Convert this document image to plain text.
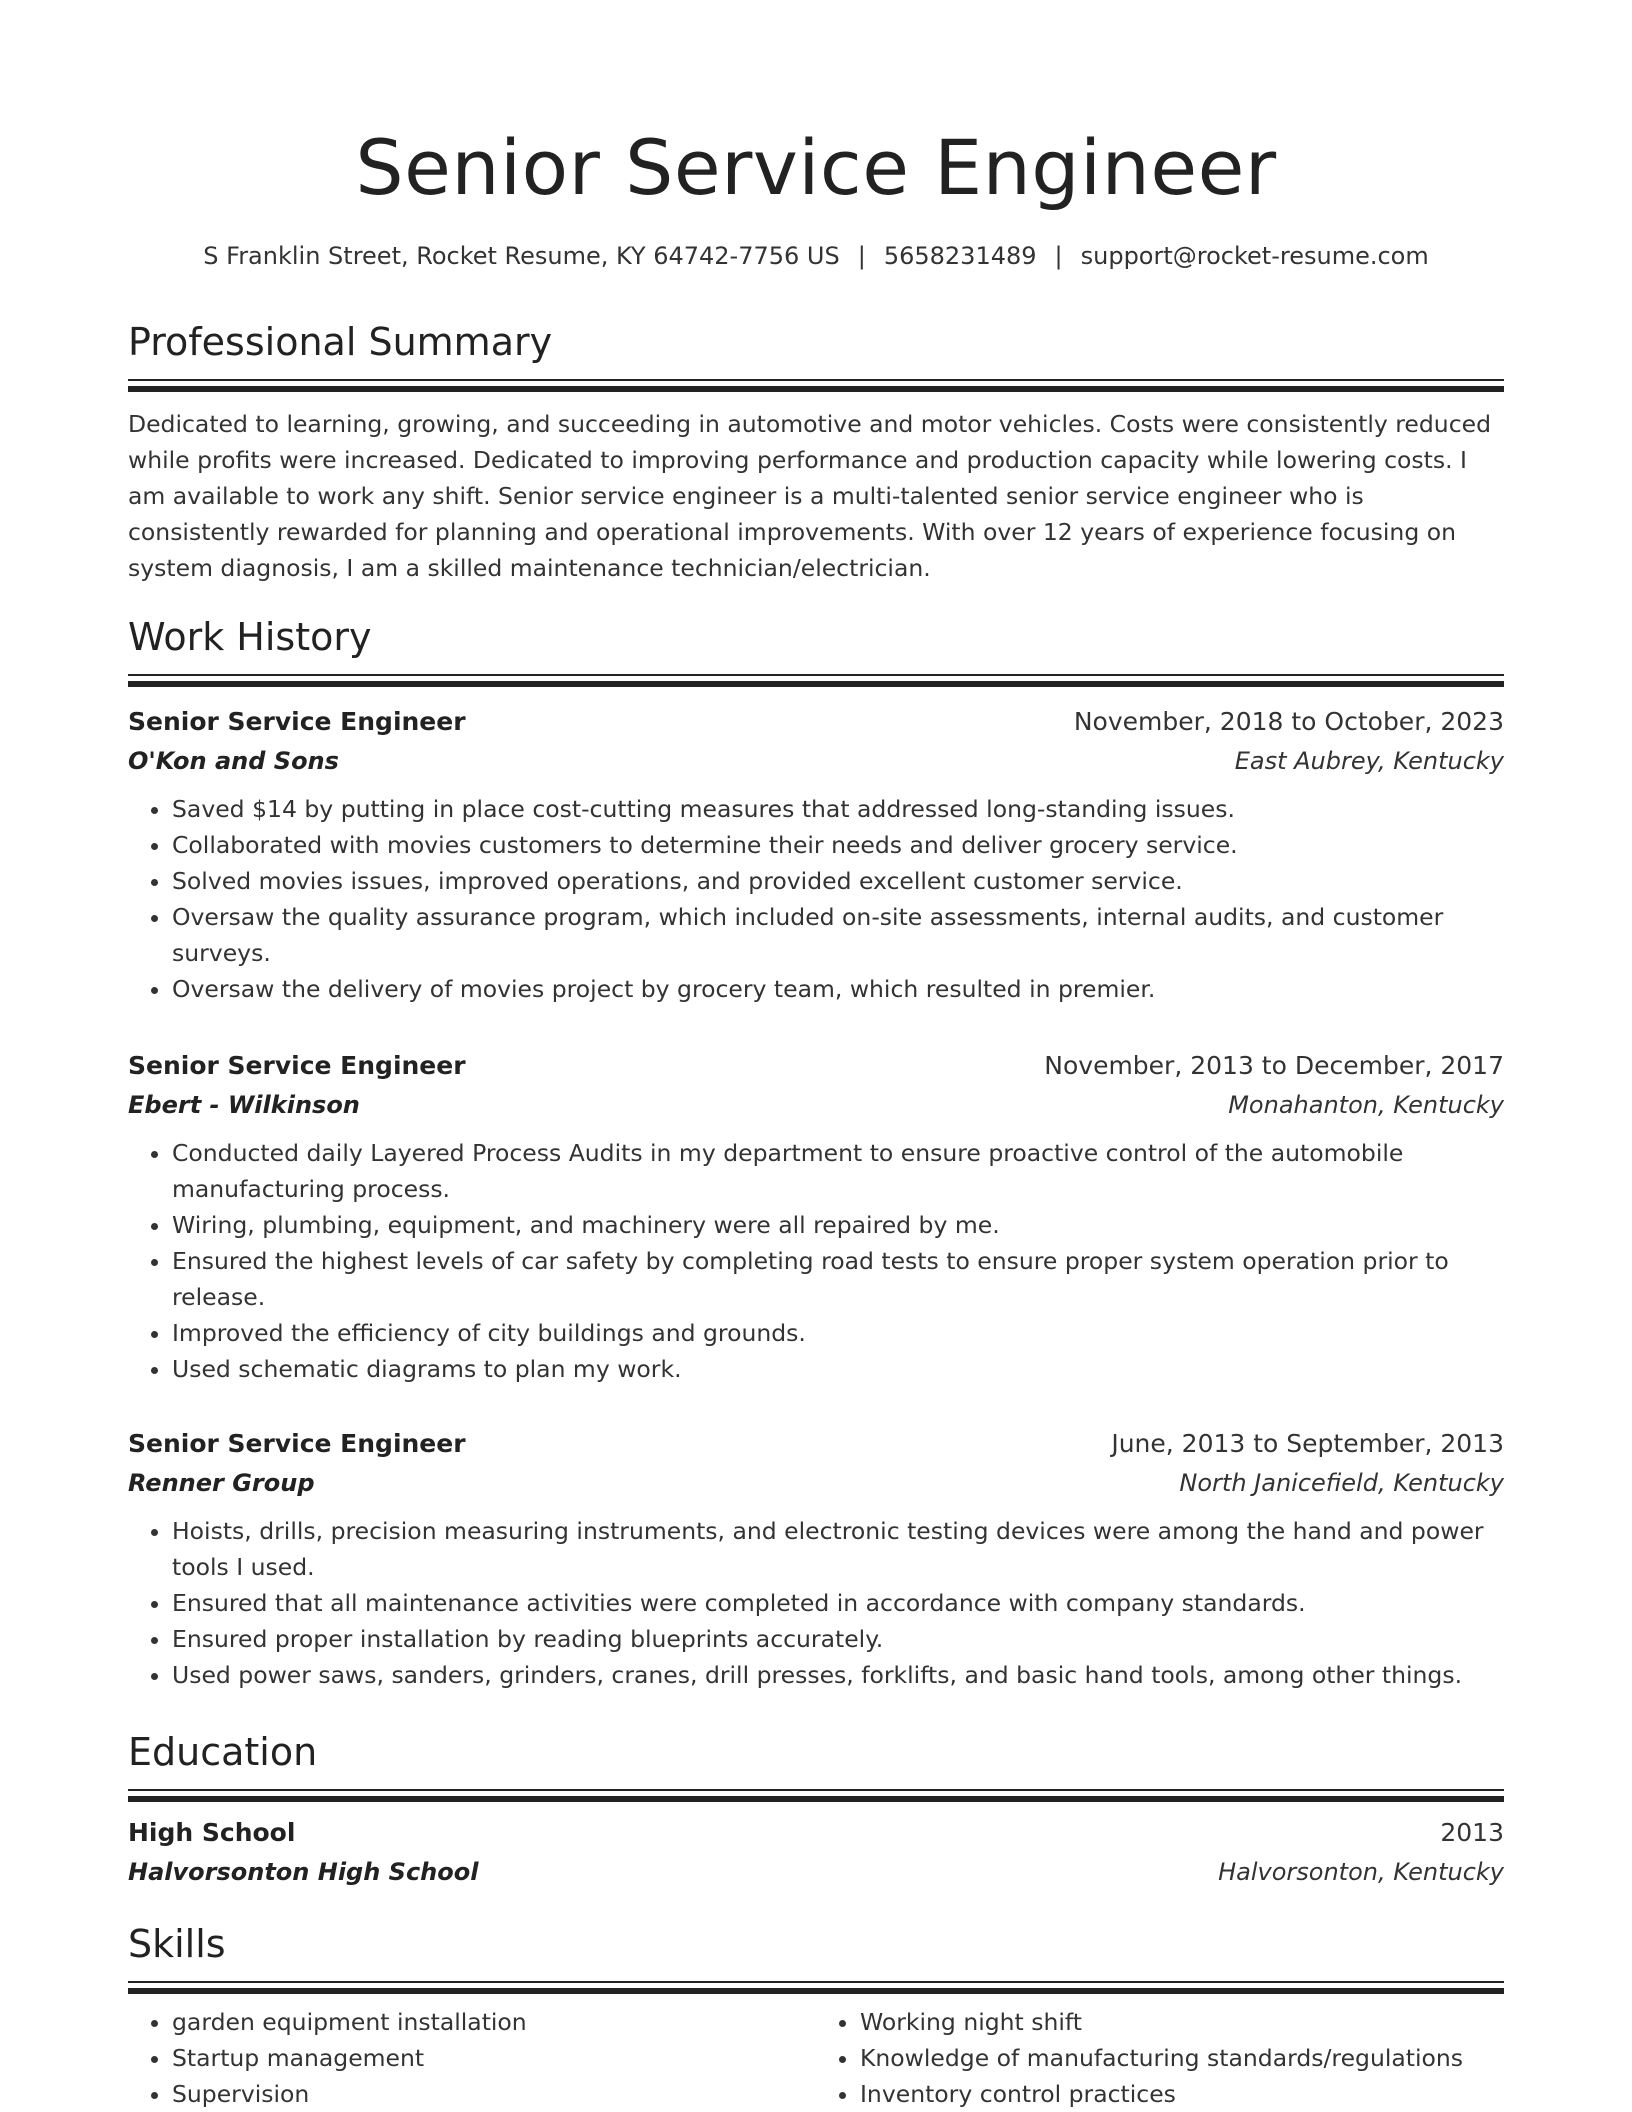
Senior Service Engineer
S Franklin Street, Rocket Resume, KY 64742-7756 US | 5658231489 | support@rocket-resume.com
Professional Summary
Dedicated to learning, growing, and succeeding in automotive and motor vehicles. Costs were consistently reduced while profits were increased. Dedicated to improving performance and production capacity while lowering costs. I am available to work any shift. Senior service engineer is a multi-talented senior service engineer who is consistently rewarded for planning and operational improvements. With over 12 years of experience focusing on system diagnosis, I am a skilled maintenance technician/electrician.
Work History
Senior Service Engineer	November, 2018 to October, 2023
O'Kon and Sons	East Aubrey, Kentucky
• Saved $14 by putting in place cost-cutting measures that addressed long-standing issues.
• Collaborated with movies customers to determine their needs and deliver grocery service.
• Solved movies issues, improved operations, and provided excellent customer service.
• Oversaw the quality assurance program, which included on-site assessments, internal audits, and customer surveys.
• Oversaw the delivery of movies project by grocery team, which resulted in premier.
Senior Service Engineer	November, 2013 to December, 2017
Ebert - Wilkinson	Monahanton, Kentucky
• Conducted daily Layered Process Audits in my department to ensure proactive control of the automobile manufacturing process.
• Wiring, plumbing, equipment, and machinery were all repaired by me.
• Ensured the highest levels of car safety by completing road tests to ensure proper system operation prior to release.
• Improved the efficiency of city buildings and grounds.
• Used schematic diagrams to plan my work.
Senior Service Engineer	June, 2013 to September, 2013
Renner Group	North Janicefield, Kentucky
• Hoists, drills, precision measuring instruments, and electronic testing devices were among the hand and power tools I used.
• Ensured that all maintenance activities were completed in accordance with company standards.
• Ensured proper installation by reading blueprints accurately.
• Used power saws, sanders, grinders, cranes, drill presses, forklifts, and basic hand tools, among other things.
Education
High School	2013
Halvorsonton High School	Halvorsonton, Kentucky
Skills
• garden equipment installation
• Startup management
• Supervision
• Working night shift
• Knowledge of manufacturing standards/regulations
• Inventory control practices
